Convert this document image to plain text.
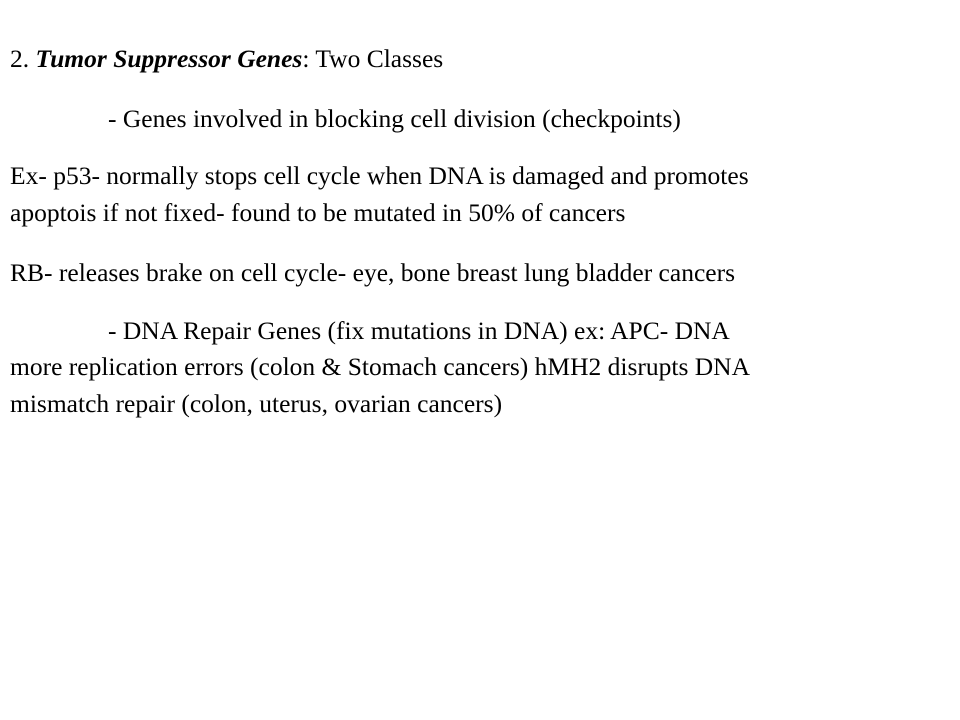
2. Tumor Suppressor Genes: Two Classes
- Genes involved in blocking cell division (checkpoints)
Ex- p53- normally stops cell cycle when DNA is damaged and promotes
apoptois if not fixed- found to be mutated in 50% of cancers
RB- releases brake on cell cycle- eye, bone breast lung bladder cancers
- DNA Repair Genes (fix mutations in DNA) ex: APC- DNA
more replication errors (colon & Stomach cancers) hMH2 disrupts DNA
mismatch repair (colon, uterus, ovarian cancers)
